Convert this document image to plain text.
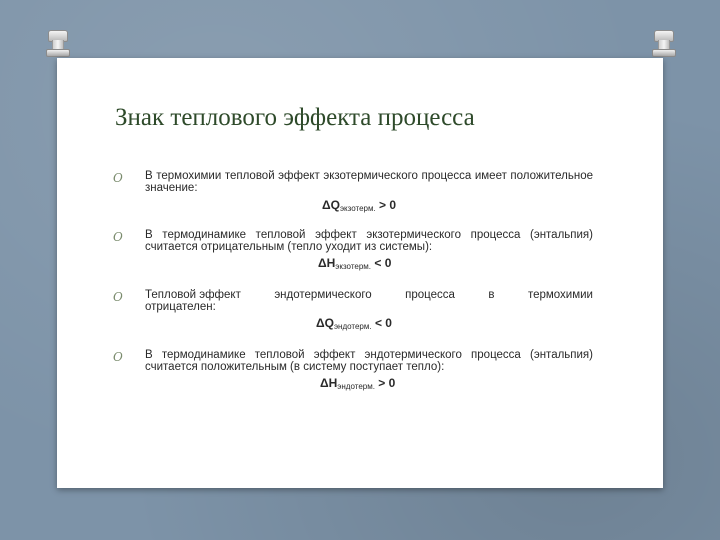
Знак теплового эффекта процесса
O В термохимии тепловой эффект экзотермического процесса имеет положительное значение:
ΔQэкзотерм. > 0
O В термодинамике тепловой эффект экзотермического процесса (энтальпия) считается отрицательным (тепло уходит из системы):
ΔHэкзотерм. < 0
O Тепловой эффект	эндотермического	процесса	в	термохимии
отрицателен:
ΔQэндотерм. < 0
O В термодинамике тепловой эффект эндотермического процесса (энтальпия) считается положительным (в систему поступает тепло):
ΔHэндотерм. > 0
